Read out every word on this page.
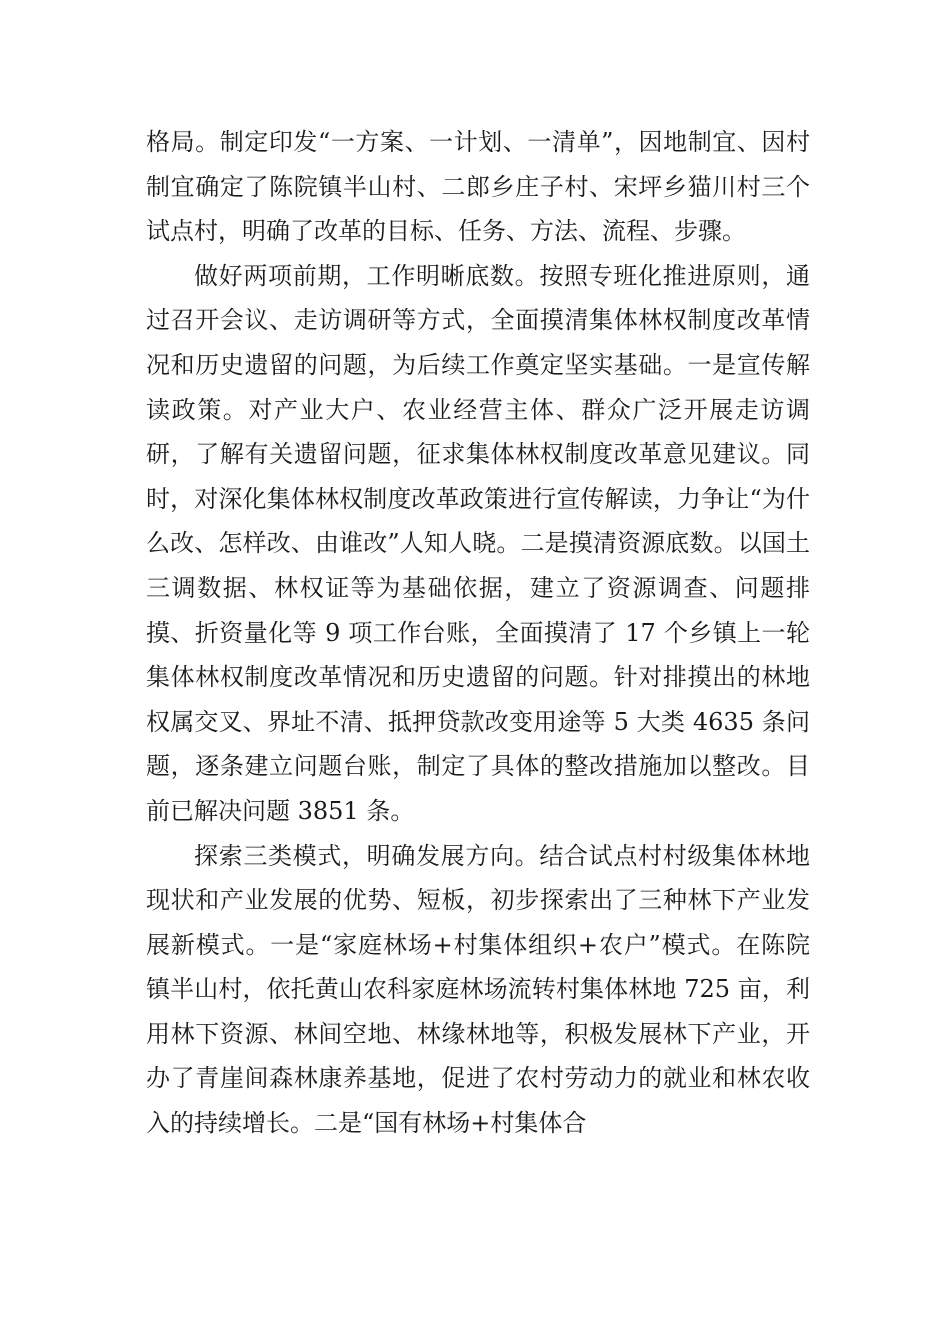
格局。制定印发“一方案、一计划、一清单”，因地制宜、因村制宜确定了陈院镇半山村、二郎乡庄子村、宋坪乡猫川村三个试点村，明确了改革的目标、任务、方法、流程、步骤。

做好两项前期，工作明晰底数。按照专班化推进原则，通过召开会议、走访调研等方式，全面摸清集体林权制度改革情况和历史遗留的问题，为后续工作奠定坚实基础。一是宣传解读政策。对产业大户、农业经营主体、群众广泛开展走访调研，了解有关遗留问题，征求集体林权制度改革意见建议。同时，对深化集体林权制度改革政策进行宣传解读，力争让“为什么改、怎样改、由谁改”人知人晓。二是摸清资源底数。以国土三调数据、林权证等为基础依据，建立了资源调查、问题排摸、折资量化等 9 项工作台账，全面摸清了 17 个乡镇上一轮集体林权制度改革情况和历史遗留的问题。针对排摸出的林地权属交叉、界址不清、抵押贷款改变用途等 5 大类 4635 条问题，逐条建立问题台账，制定了具体的整改措施加以整改。目前已解决问题 3851 条。

探索三类模式，明确发展方向。结合试点村村级集体林地现状和产业发展的优势、短板，初步探索出了三种林下产业发展新模式。一是“家庭林场+村集体组织+农户”模式。在陈院镇半山村，依托黄山农科家庭林场流转村集体林地 725 亩，利用林下资源、林间空地、林缘林地等，积极发展林下产业，开办了青崖间森林康养基地，促进了农村劳动力的就业和林农收入的持续增长。二是“国有林场+村集体合
